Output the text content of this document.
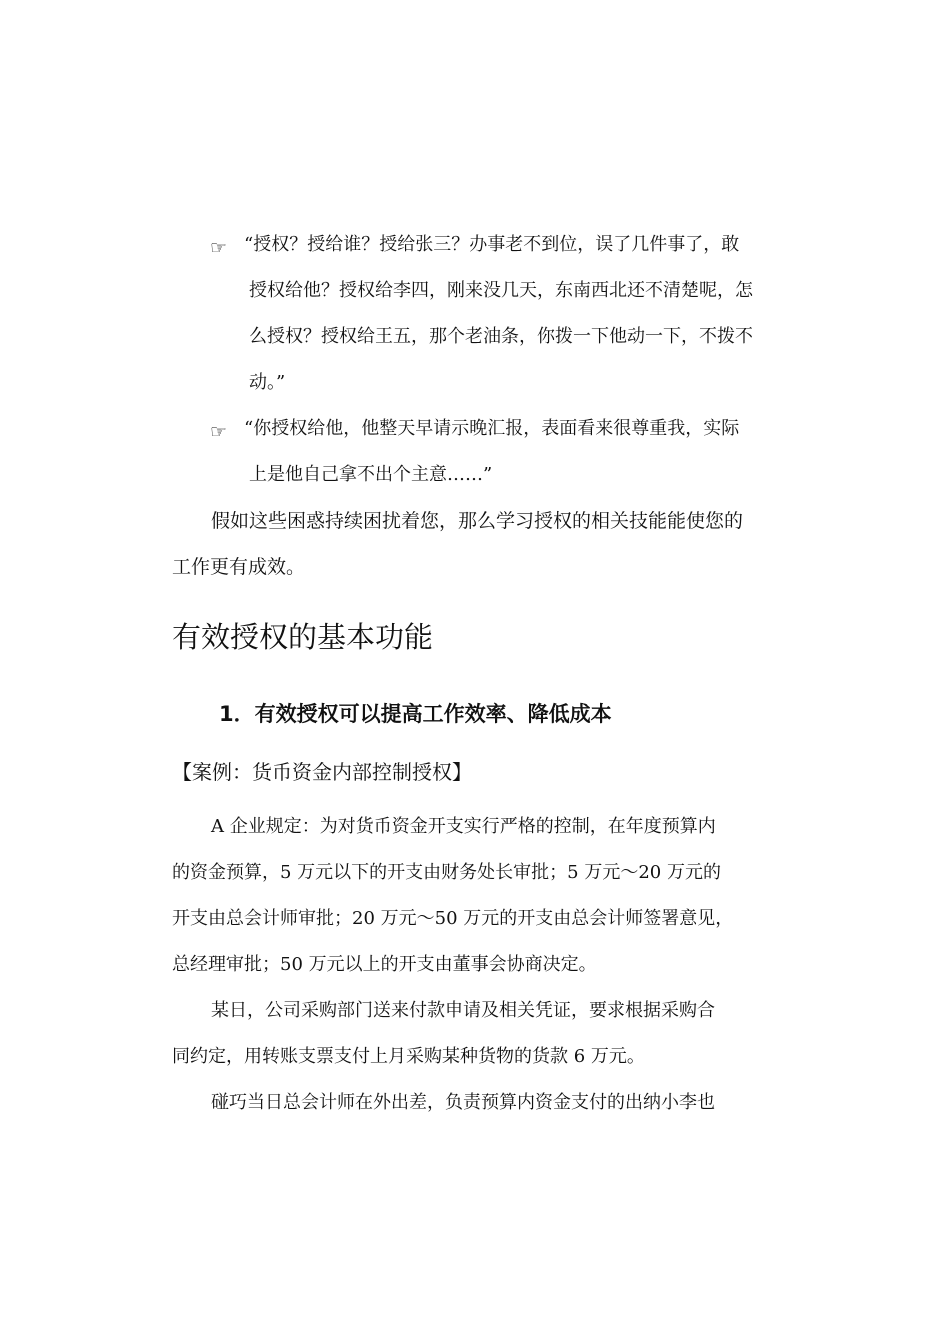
☞ “授权？授给谁？授给张三？办事老不到位，误了几件事了，敢
授权给他？授权给李四，刚来没几天，东南西北还不清楚呢，怎
么授权？授权给王五，那个老油条，你拨一下他动一下，不拨不
动。”
☞ “你授权给他，他整天早请示晚汇报，表面看来很尊重我，实际
上是他自己拿不出个主意……”
假如这些困惑持续困扰着您，那么学习授权的相关技能能使您的
工作更有成效。
有效授权的基本功能
1．有效授权可以提高工作效率、降低成本
【案例：货币资金内部控制授权】
A 企业规定：为对货币资金开支实行严格的控制，在年度预算内
的资金预算，5 万元以下的开支由财务处长审批；5 万元～20 万元的
开支由总会计师审批；20 万元～50 万元的开支由总会计师签署意见，
总经理审批；50 万元以上的开支由董事会协商决定。
某日，公司采购部门送来付款申请及相关凭证，要求根据采购合
同约定，用转账支票支付上月采购某种货物的货款 6 万元。
碰巧当日总会计师在外出差，负责预算内资金支付的出纳小李也
